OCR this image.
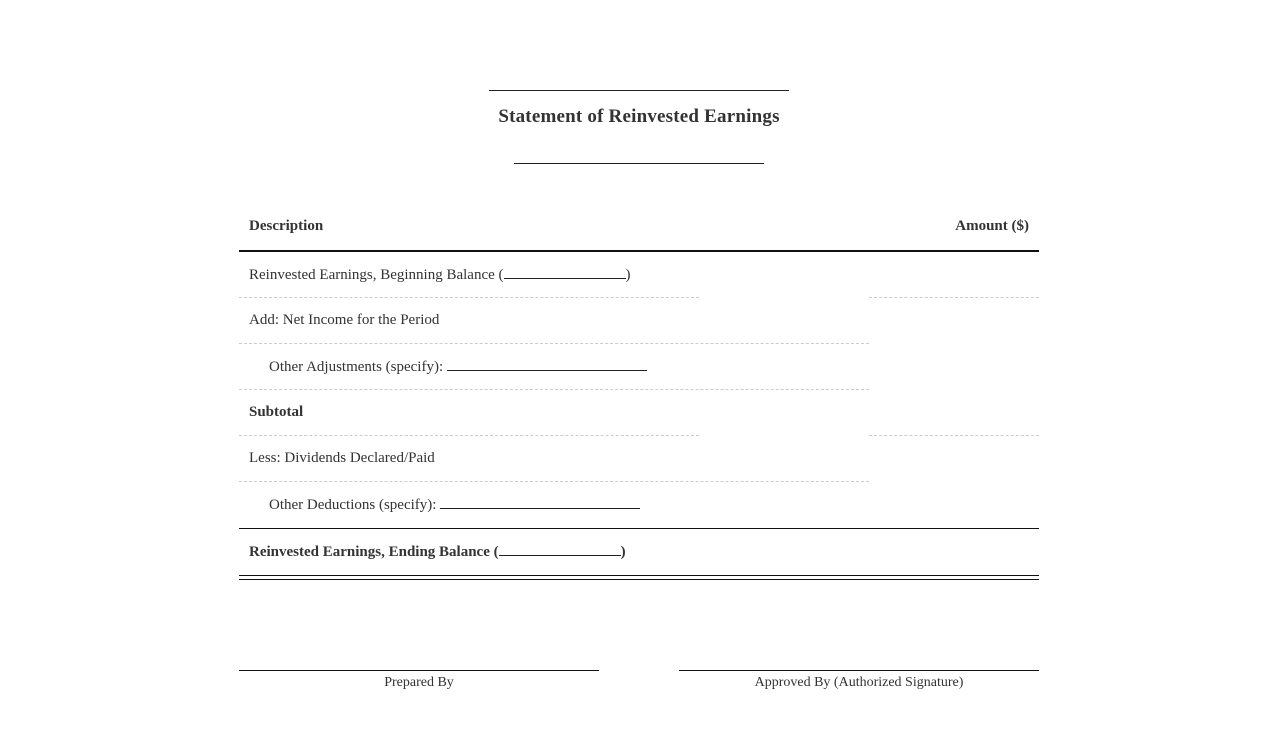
Statement of Reinvested Earnings
Description	Amount ($)
Reinvested Earnings, Beginning Balance (	)
Add: Net Income for the Period
Other Adjustments (specify):
Subtotal
Less: Dividends Declared/Paid
Other Deductions (specify):
Reinvested Earnings, Ending Balance (	)
Prepared By	Approved By (Authorized Signature)
